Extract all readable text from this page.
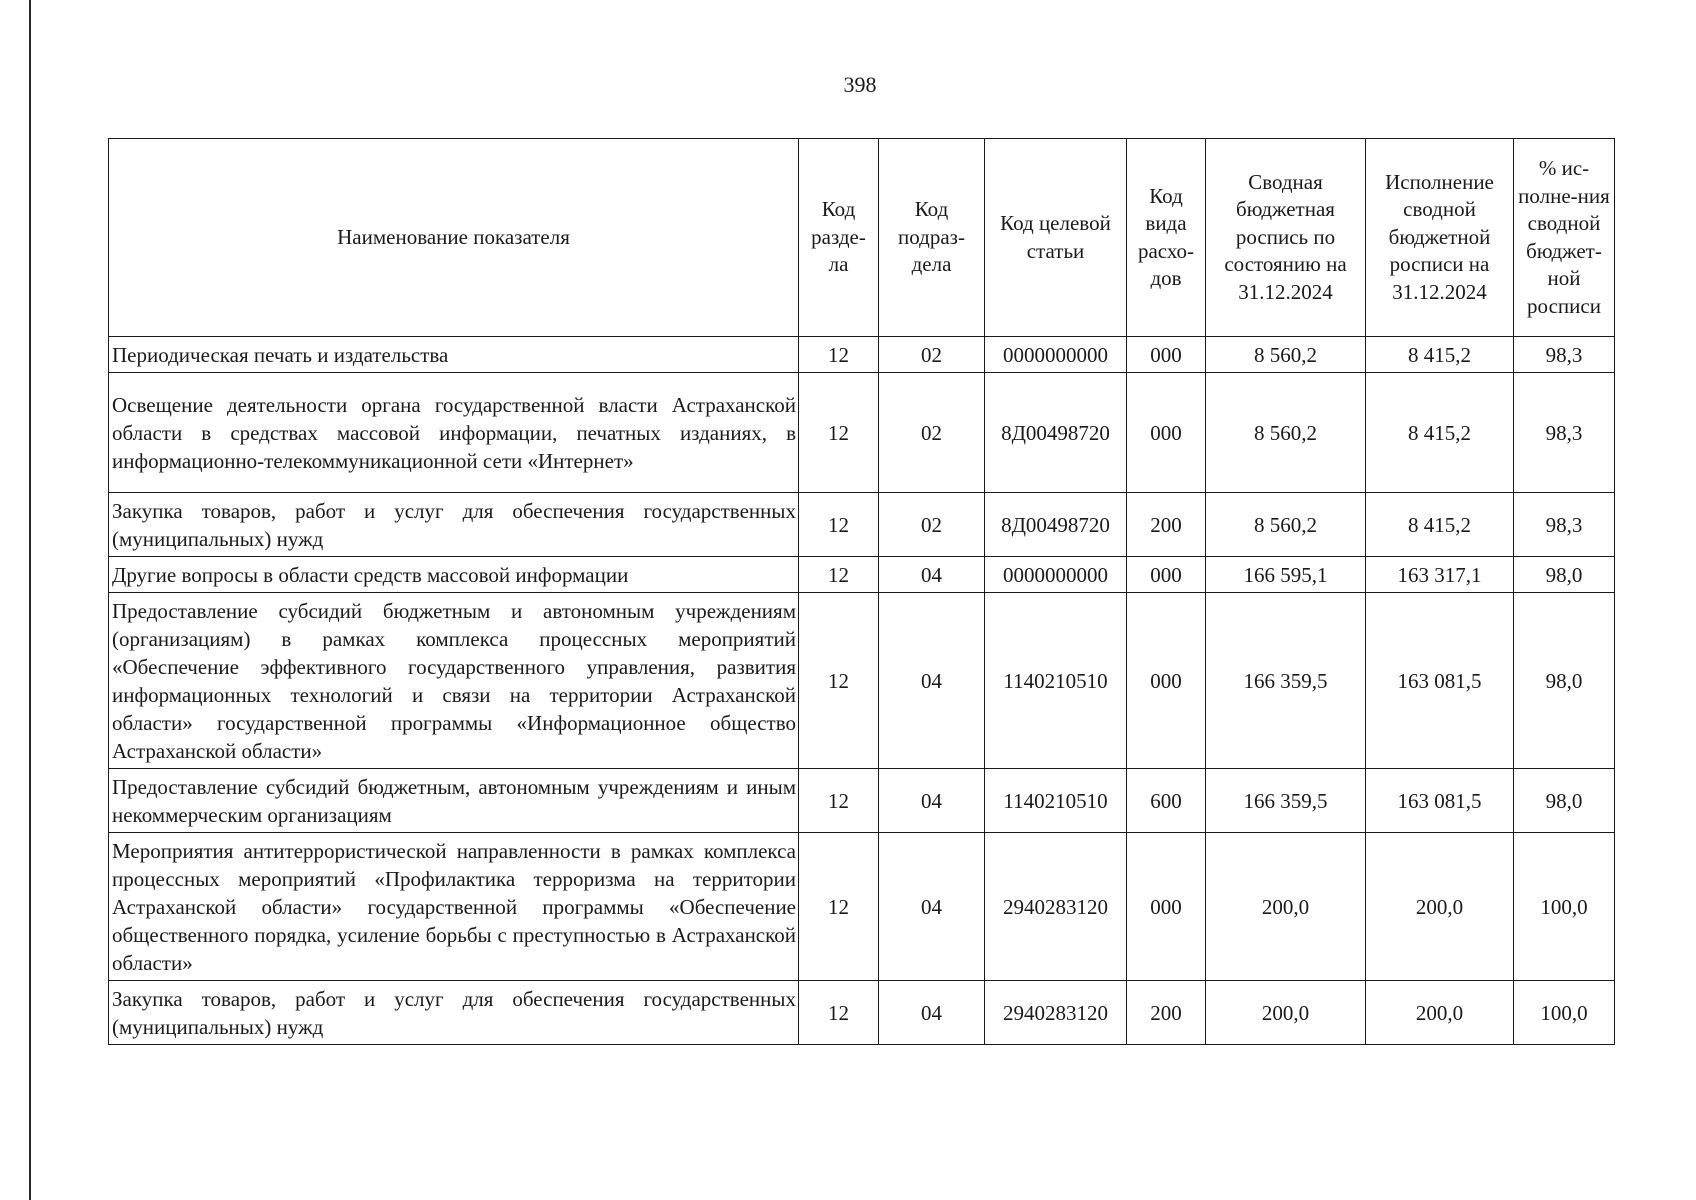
398
Наименование показателя	Код разде-ла	Код подраз-дела	Код целевой статьи	Код вида расхо-дов	Сводная бюджетная роспись по состоянию на 31.12.2024	Исполнение сводной бюджетной росписи на 31.12.2024	% ис-полне-ния сводной бюджет-ной росписи
Периодическая печать и издательства	12	02	0000000000	000	8 560,2	8 415,2	98,3
Освещение деятельности органа государственной власти Астраханской области в средствах массовой информации, печатных изданиях, в информационно-телекоммуникационной сети «Интернет»	12	02	8Д00498720	000	8 560,2	8 415,2	98,3
Закупка товаров, работ и услуг для обеспечения государственных (муниципальных) нужд	12	02	8Д00498720	200	8 560,2	8 415,2	98,3
Другие вопросы в области средств массовой информации	12	04	0000000000	000	166 595,1	163 317,1	98,0
Предоставление субсидий бюджетным и автономным учреждениям (организациям) в рамках комплекса процессных мероприятий «Обеспечение эффективного государственного управления, развития информационных технологий и связи на территории Астраханской области» государственной программы «Информационное общество Астраханской области»	12	04	1140210510	000	166 359,5	163 081,5	98,0
Предоставление субсидий бюджетным, автономным учреждениям и иным некоммерческим организациям	12	04	1140210510	600	166 359,5	163 081,5	98,0
Мероприятия антитеррористической направленности в рамках комплекса процессных мероприятий «Профилактика терроризма на территории Астраханской области» государственной программы «Обеспечение общественного порядка, усиление борьбы с преступностью в Астраханской области»	12	04	2940283120	000	200,0	200,0	100,0
Закупка товаров, работ и услуг для обеспечения государственных (муниципальных) нужд	12	04	2940283120	200	200,0	200,0	100,0
